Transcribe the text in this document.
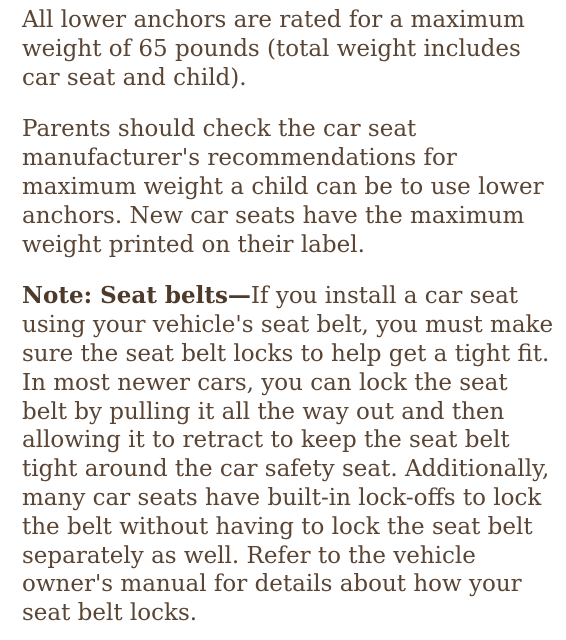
All lower anchors are rated for a maximum weight of 65 pounds (total weight includes car seat and child).

Parents should check the car seat manufacturer's recommendations for maximum weight a child can be to use lower anchors. New car seats have the maximum weight printed on their label.

Note: Seat belts—If you install a car seat using your vehicle's seat belt, you must make sure the seat belt locks to help get a tight fit. In most newer cars, you can lock the seat belt by pulling it all the way out and then allowing it to retract to keep the seat belt tight around the car safety seat. Additionally, many car seats have built-in lock-offs to lock the belt without having to lock the seat belt separately as well. Refer to the vehicle owner's manual for details about how your seat belt locks.
